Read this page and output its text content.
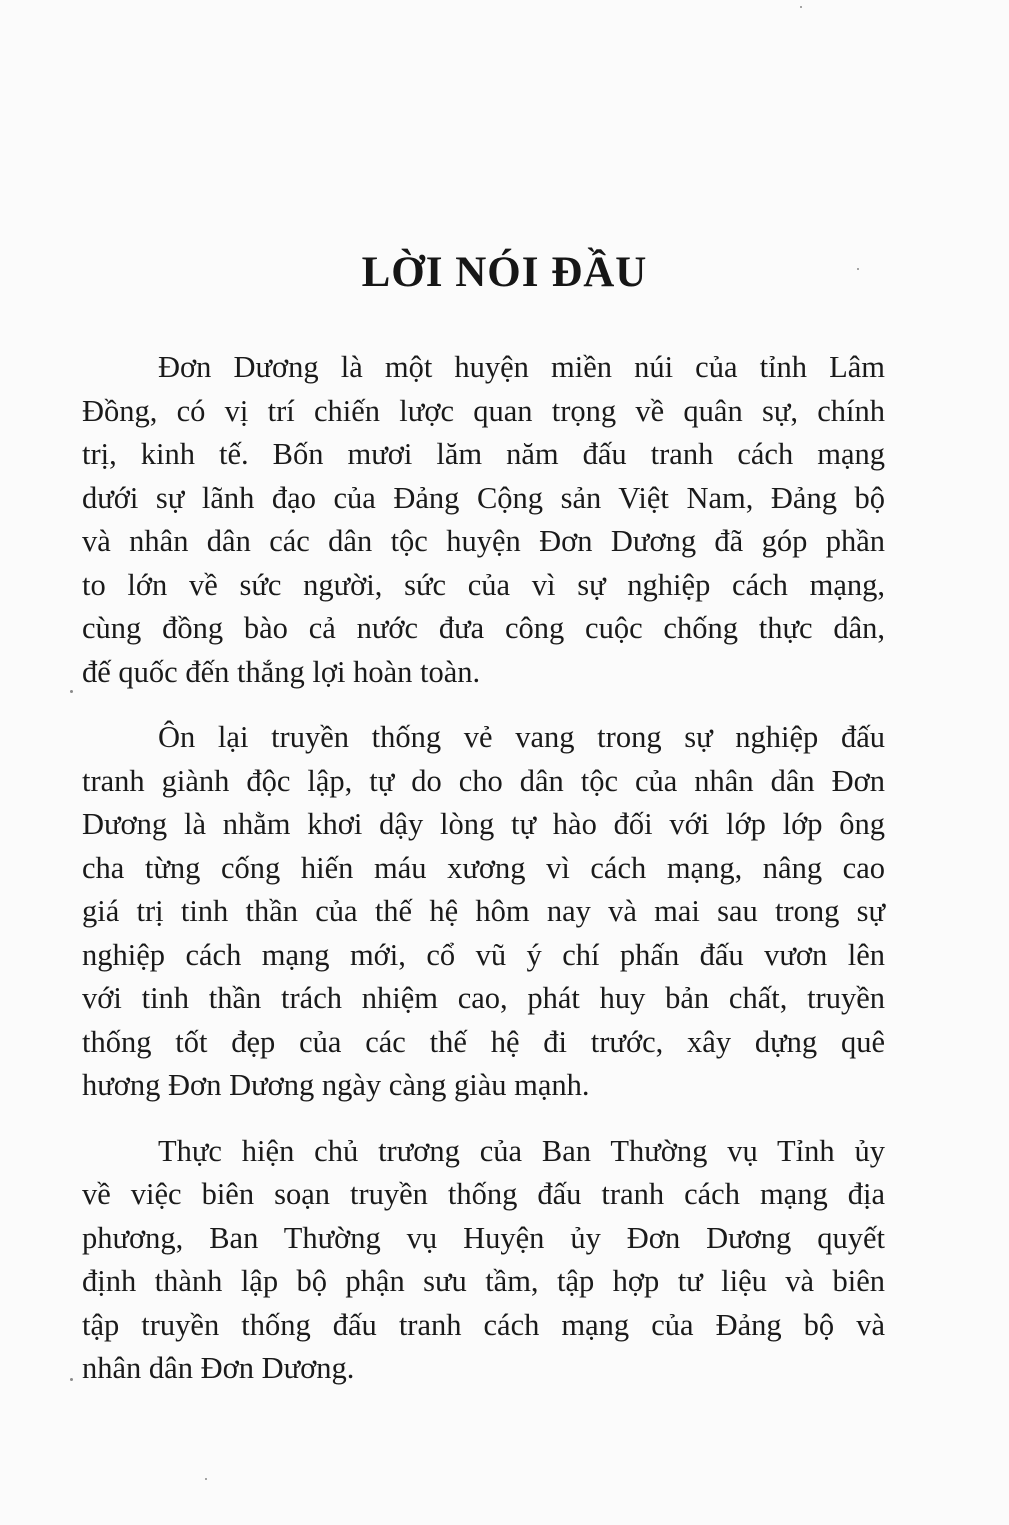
LỜI NÓI ĐẦU
Đơn Dương là một huyện miền núi của tỉnh Lâm
Đồng, có vị trí chiến lược quan trọng về quân sự, chính
trị, kinh tế. Bốn mươi lăm năm đấu tranh cách mạng
dưới sự lãnh đạo của Đảng Cộng sản Việt Nam, Đảng bộ
và nhân dân các dân tộc huyện Đơn Dương đã góp phần
to lớn về sức người, sức của vì sự nghiệp cách mạng,
cùng đồng bào cả nước đưa công cuộc chống thực dân,
đế quốc đến thắng lợi hoàn toàn.
Ôn lại truyền thống vẻ vang trong sự nghiệp đấu
tranh giành độc lập, tự do cho dân tộc của nhân dân Đơn
Dương là nhằm khơi dậy lòng tự hào đối với lớp lớp ông
cha từng cống hiến máu xương vì cách mạng, nâng cao
giá trị tinh thần của thế hệ hôm nay và mai sau trong sự
nghiệp cách mạng mới, cổ vũ ý chí phấn đấu vươn lên
với tinh thần trách nhiệm cao, phát huy bản chất, truyền
thống tốt đẹp của các thế hệ đi trước, xây dựng quê
hương Đơn Dương ngày càng giàu mạnh.
Thực hiện chủ trương của Ban Thường vụ Tỉnh ủy
về việc biên soạn truyền thống đấu tranh cách mạng địa
phương, Ban Thường vụ Huyện ủy Đơn Dương quyết
định thành lập bộ phận sưu tầm, tập hợp tư liệu và biên
tập truyền thống đấu tranh cách mạng của Đảng bộ và
nhân dân Đơn Dương.
